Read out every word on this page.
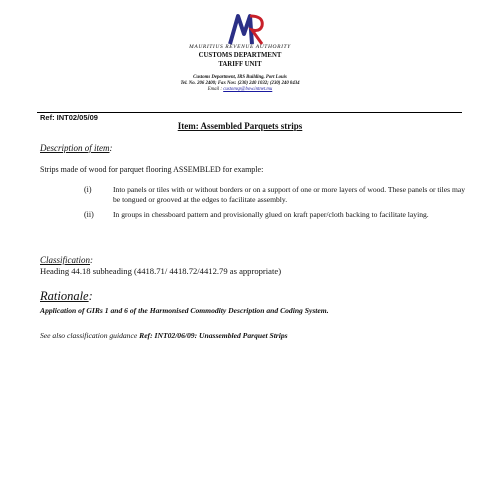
MAURITIUS REVENUE AUTHORITY
CUSTOMS DEPARTMENT
TARIFF UNIT
Customs Department, IRS Building, Port Louis
Tel. No. 206 2400; Fax Nos: (230) 240 1032; (230) 240 0434
Email : customsp@bow.intnet.mu
Ref: INT02/05/09
Item: Assembled Parquets strips
Description of item:
Strips made of wood for parquet flooring ASSEMBLED for example:
(i)	Into panels or tiles with or without borders or on a support of one or more layers of wood. These panels or tiles may be tongued or grooved at the edges to facilitate assembly.
(ii)	In groups in chessboard pattern and provisionally glued on kraft paper/cloth backing to facilitate laying.
Classification:
Heading 44.18 subheading (4418.71/ 4418.72/4412.79 as appropriate)
Rationale:
Application of GIRs 1 and 6 of the Harmonised Commodity Description and Coding System.
See also classification guidance Ref: INT02/06/09: Unassembled Parquet Strips
